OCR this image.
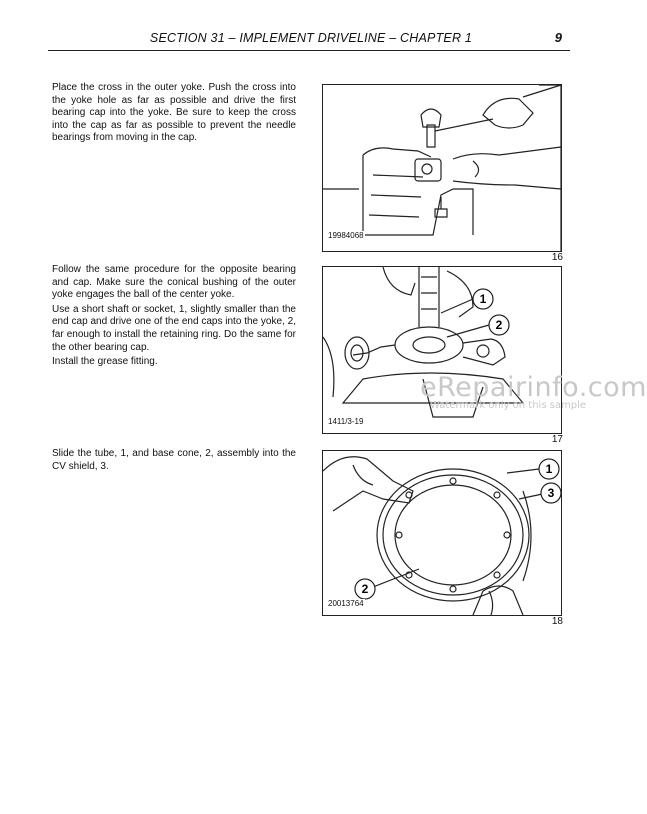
SECTION 31 – IMPLEMENT DRIVELINE – CHAPTER 1	9

Place the cross in the outer yoke. Push the cross into the yoke hole as far as possible and drive the first bearing cap into the yoke. Be sure to keep the cross into the cap as far as possible to prevent the needle bearings from moving in the cap.

19984068
16

Follow the same procedure for the opposite bearing and cap. Make sure the conical bushing of the outer yoke engages the ball of the center yoke.

Use a short shaft or socket, 1, slightly smaller than the end cap and drive one of the end caps into the yoke, 2, far enough to install the retaining ring. Do the same for the other bearing cap.

Install the grease fitting.

1
2
1411/3-19
17
eRepairinfo.com
Watermark only on this sample

Slide the tube, 1, and base cone, 2, assembly into the CV shield, 3.	1
3
2
20013764
18
